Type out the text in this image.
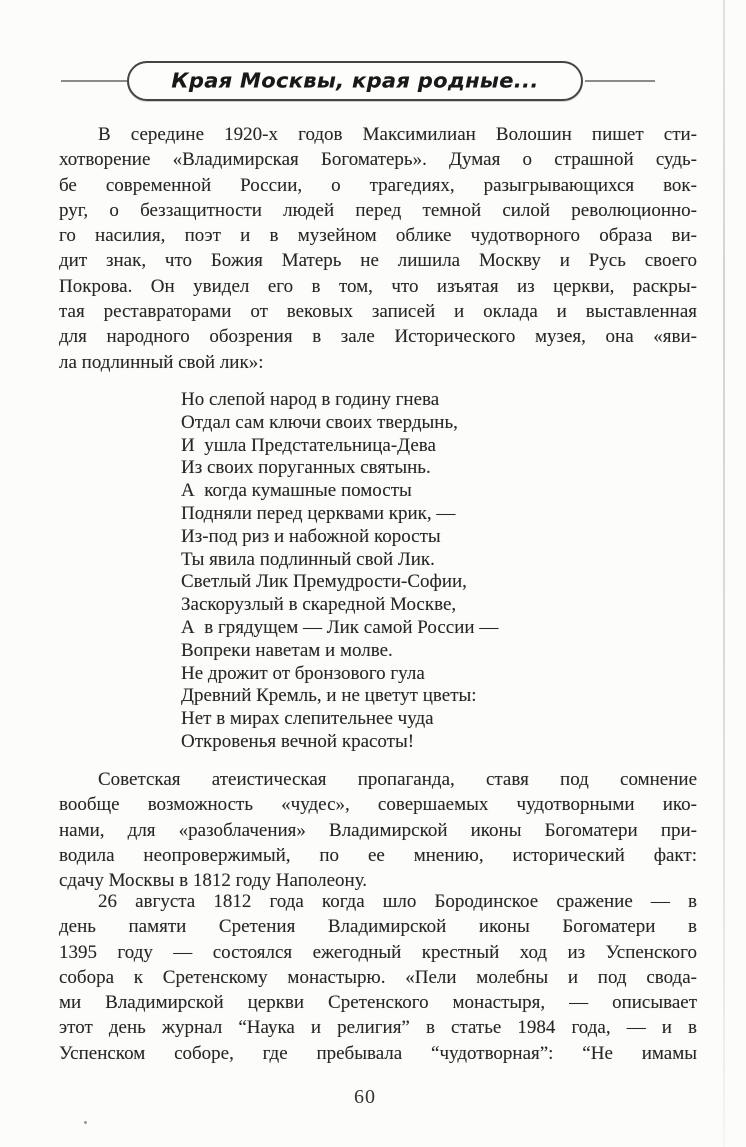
Края Москвы, края родные...
В середине 1920-х годов Максимилиан Волошин пишет сти-
хотворение «Владимирская Богоматерь». Думая о страшной судь-
бе современной России, о трагедиях, разыгрывающихся вок-
руг, о беззащитности людей перед темной силой революционно-
го насилия, поэт и в музейном облике чудотворного образа ви-
дит знак, что Божия Матерь не лишила Москву и Русь своего
Покрова. Он увидел его в том, что изъятая из церкви, раскры-
тая реставраторами от вековых записей и оклада и выставленная
для народного обозрения в зале Исторического музея, она «яви-
ла подлинный свой лик»:
Но слепой народ в годину гнева
Отдал сам ключи своих твердынь,
И  ушла Предстательница-Дева
Из своих поруганных святынь.
А  когда кумашные помосты
Подняли перед церквами крик, —
Из-под риз и набожной коросты
Ты явила подлинный свой Лик.
Светлый Лик Премудрости-Софии,
Заскорузлый в скаредной Москве,
А  в грядущем — Лик самой России —
Вопреки наветам и молве.
Не дрожит от бронзового гула
Древний Кремль, и не цветут цветы:
Нет в мирах слепительнее чуда
Откровенья вечной красоты!
Советская атеистическая пропаганда, ставя под сомнение
вообще возможность «чудес», совершаемых чудотворными ико-
нами, для «разоблачения» Владимирской иконы Богоматери при-
водила неопровержимый, по ее мнению, исторический факт:
сдачу Москвы в 1812 году Наполеону.
26 августа 1812 года когда шло Бородинское сражение — в
день памяти Сретения Владимирской иконы Богоматери в
1395 году — состоялся ежегодный крестный ход из Успенского
собора к Сретенскому монастырю. «Пели молебны и под свода-
ми Владимирской церкви Сретенского монастыря, — описывает
этот день журнал “Наука и религия” в статье 1984 года, — и в
Успенском соборе, где пребывала “чудотворная”: “Не имамы
60
